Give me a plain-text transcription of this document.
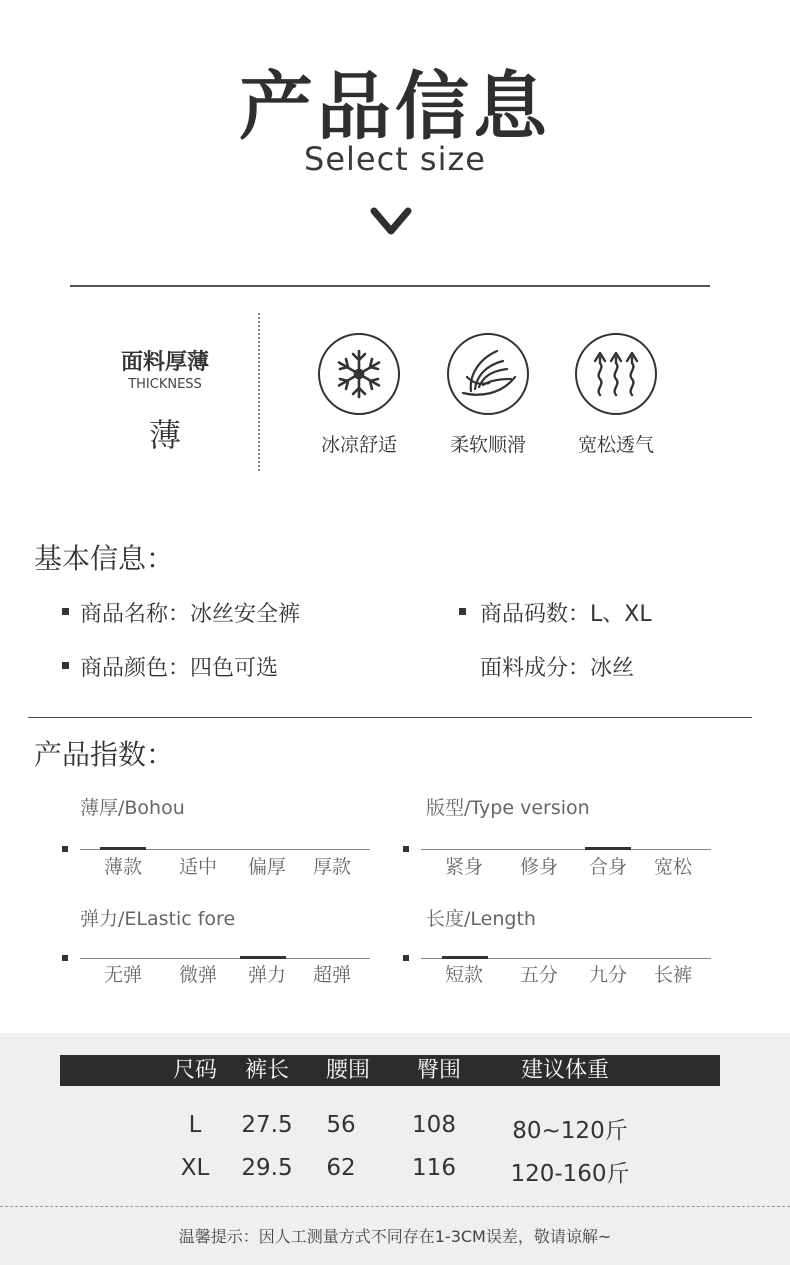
产品信息
Select size
面料厚薄
THICKNESS
薄	冰凉舒适	柔软顺滑	宽松透气
基本信息：
商品名称：冰丝安全裤	商品码数：L、XL
商品颜色：四色可选	面料成分：冰丝
产品指数：
薄厚/Bohou
薄款	适中	偏厚	厚款
版型/Type version
紧身	修身	合身	宽松
弹力/ELastic fore
无弹	微弹	弹力	超弹
长度/Length
短款	五分	九分	长裤
尺码	裤长	腰围	臀围	建议体重
L	27.5	56	108	80~120斤
XL	29.5	62	116	120-160斤
温馨提示：因人工测量方式不同存在1-3CM误差，敬请谅解~
